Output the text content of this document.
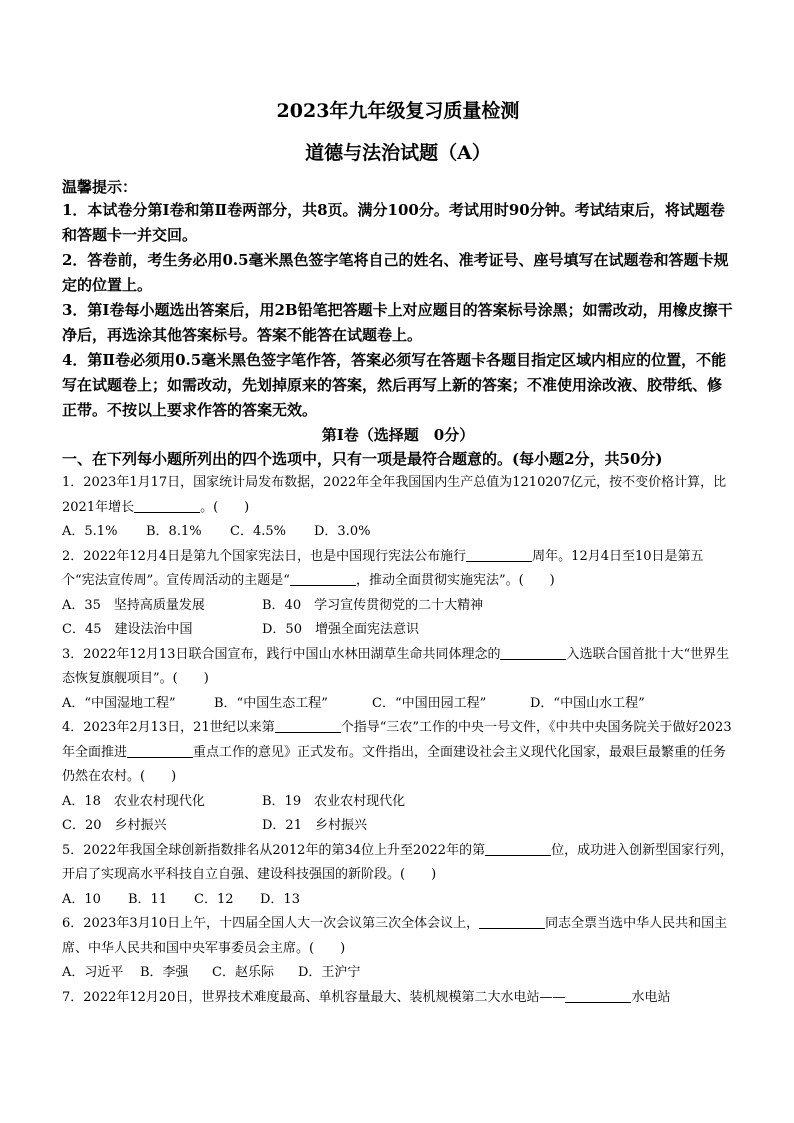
2023年九年级复习质量检测

道德与法治试题（A）

温馨提示：

1．本试卷分第Ⅰ卷和第Ⅱ卷两部分，共8页。满分100分。考试用时90分钟。考试结束后，将试题卷和答题卡一并交回。

2．答卷前，考生务必用0.5毫米黑色签字笔将自己的姓名、准考证号、座号填写在试题卷和答题卡规定的位置上。

3．第Ⅰ卷每小题选出答案后，用2B铅笔把答题卡上对应题目的答案标号涂黑；如需改动，用橡皮擦干净后，再选涂其他答案标号。答案不能答在试题卷上。

4．第Ⅱ卷必须用0.5毫米黑色签字笔作答，答案必须写在答题卡各题目指定区域内相应的位置，不能写在试题卷上；如需改动，先划掉原来的答案，然后再写上新的答案；不准使用涂改液、胶带纸、修正带。不按以上要求作答的答案无效。

第Ⅰ卷（选择题　0分）
一、在下列每小题所列出的四个选项中，只有一项是最符合题意的。(每小题2分，共50分)

1．2023年1月17日，国家统计局发布数据，2022年全年我国国内生产总值为1210207亿元，按不变价格计算，比2021年增长	。(　　)

A．5.1%	B．8.1%	C．4.5%	D．3.0%

2．2022年12月4日是第九个国家宪法日，也是中国现行宪法公布施行	周年。12月4日至10日是第五个“宪法宣传周”。宣传周活动的主题是“	，推动全面贯彻实施宪法”。(　　)

A．35　坚持高质量发展	B．40　学习宣传贯彻党的二十大精神
C．45　建设法治中国	D．50　增强全面宪法意识

3．2022年12月13日联合国宣布，践行中国山水林田湖草生命共同体理念的	入选联合国首批十大“世界生态恢复旗舰项目”。(　　)

A．“中国湿地工程”	B．“中国生态工程”	C．“中国田园工程”	D．“中国山水工程”

4．2023年2月13日，21世纪以来第	个指导“三农”工作的中央一号文件，《中共中央国务院关于做好2023年全面推进	重点工作的意见》正式发布。文件指出，全面建设社会主义现代化国家，最艰巨最繁重的任务仍然在农村。(　　)

A．18　农业农村现代化	B．19　农业农村现代化
C．20　乡村振兴	D．21　乡村振兴

5．2022年我国全球创新指数排名从2012年的第34位上升至2022年的第	位，成功进入创新型国家行列，开启了实现高水平科技自立自强、建设科技强国的新阶段。(　　)

A．10	B．11	C．12	D．13

6．2023年3月10日上午，十四届全国人大一次会议第三次全体会议上，	同志全票当选中华人民共和国主席、中华人民共和国中央军事委员会主席。(　　)

A．习近平	B．李强	C．赵乐际	D．王沪宁

7．2022年12月20日，世界技术难度最高、单机容量最大、装机规模第二大水电站——	水电站
